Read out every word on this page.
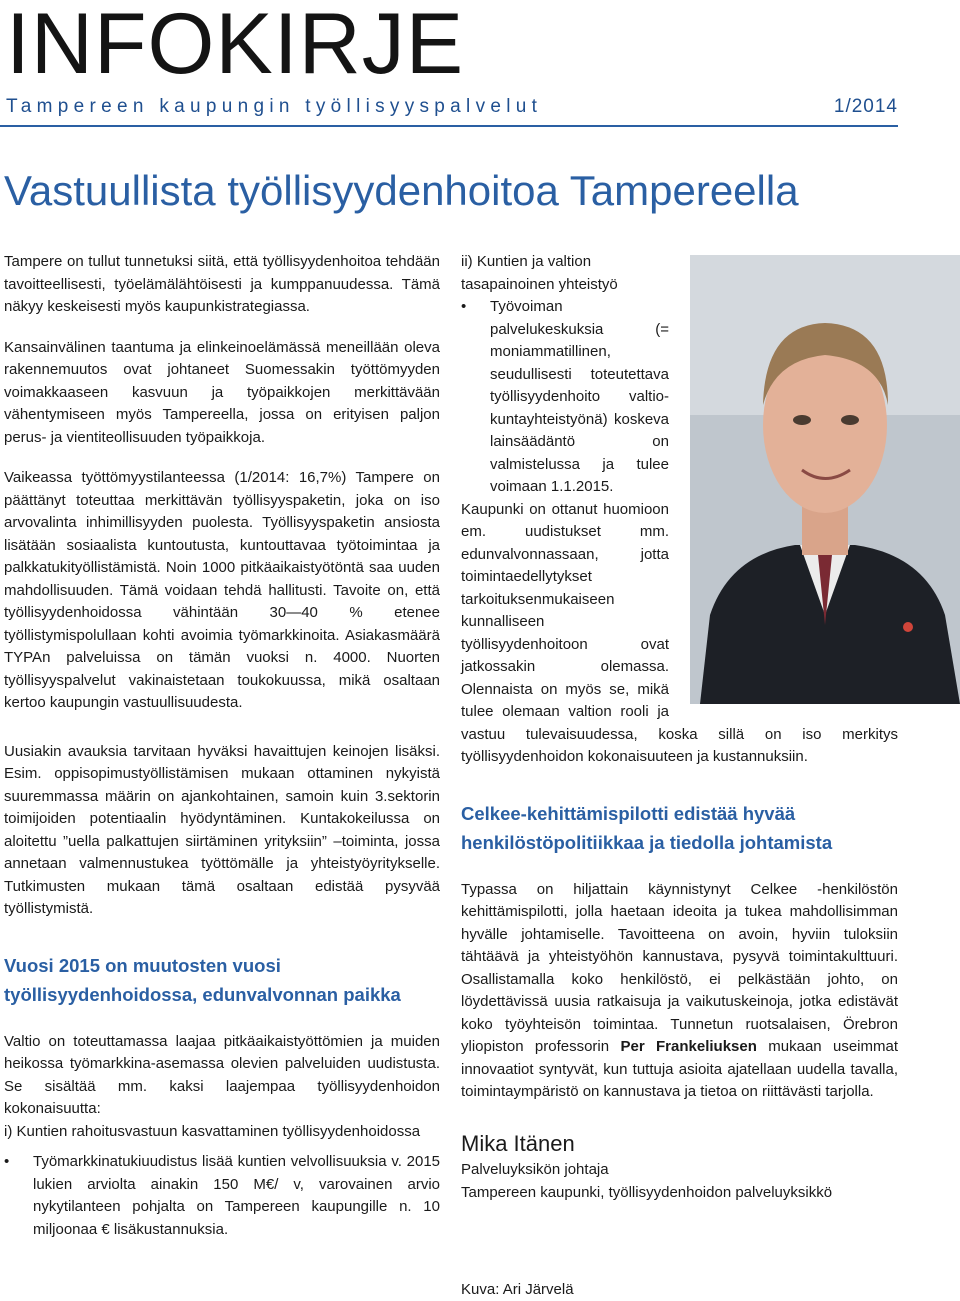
INFOKIRJE
Tampereen kaupungin työllisyyspalvelut	1/2014
Vastuullista työllisyydenhoitoa Tampereella

Tampere on tullut tunnetuksi siitä, että työllisyydenhoitoa tehdään tavoitteellisesti, työelämälähtöisesti ja kumppanuudessa. Tämä näkyy keskeisesti myös kaupunkistrategiassa.

Kansainvälinen taantuma ja elinkeinoelämässä meneillään oleva rakennemuutos ovat johtaneet Suomessakin työttömyyden voimakkaaseen kasvuun ja työpaikkojen merkittävään vähentymiseen myös Tampereella, jossa on erityisen paljon perus- ja vientiteollisuuden työpaikkoja.

Vaikeassa työttömyystilanteessa (1/2014: 16,7%) Tampere on päättänyt toteuttaa merkittävän työllisyyspaketin, joka on iso arvovalinta inhimillisyyden puolesta. Työllisyyspaketin ansiosta lisätään sosiaalista kuntoutusta, kuntouttavaa työtoimintaa ja palkkatukityöllistämistä. Noin 1000 pitkäaikaistyötöntä saa uuden mahdollisuuden. Tämä voidaan tehdä hallitusti. Tavoite on, että työllisyydenhoidossa vähintään 30—40 % etenee työllistymispolullaan kohti avoimia työmarkkinoita. Asiakasmäärä TYPAn palveluissa on tämän vuoksi n. 4000. Nuorten työllisyyspalvelut vakinaistetaan toukokuussa, mikä osaltaan kertoo kaupungin vastuullisuudesta.

Uusiakin avauksia tarvitaan hyväksi havaittujen keinojen lisäksi. Esim. oppisopimustyöllistämisen mukaan ottaminen nykyistä suuremmassa määrin on ajankohtainen, samoin kuin 3.sektorin toimijoiden potentiaalin hyödyntäminen. Kuntakokeilussa on aloitettu ”uella palkattujen siirtäminen yrityksiin” –toiminta, jossa annetaan valmennustukea työttömälle ja yhteistyöyritykselle. Tutkimusten mukaan tämä osaltaan edistää pysyvää työllistymistä.

Vuosi 2015 on muutosten vuosi työllisyydenhoidossa, edunvalvonnan paikka

Valtio on toteuttamassa laajaa pitkäaikaistyöttömien ja muiden heikossa työmarkkina-asemassa olevien palveluiden uudistusta. Se sisältää mm. kaksi laajempaa työllisyydenhoidon kokonaisuutta:

i) Kuntien rahoitusvastuun kasvattaminen työllisyydenhoidossa

• Työmarkkinatukiuudistus lisää kuntien velvollisuuksia v. 2015 lukien arviolta ainakin 150 M€/ v, varovainen arvio nykytilanteen pohjalta on Tampereen kaupungille n. 10 miljoonaa € lisäkustannuksia.

ii) Kuntien ja valtion tasapainoinen yhteistyö

• Työvoiman palvelukeskuksia (= moniammatillinen, seudullisesti toteutettava työllisyydenhoito valtio-kuntayhteistyönä) koskeva lainsäädäntö on valmistelussa ja tulee voimaan 1.1.2015.

Kaupunki on ottanut huomioon em. uudistukset mm. edunvalvonnassaan, jotta toimintaedellytykset tarkoituksenmukaiseen kunnalliseen työllisyydenhoitoon ovat jatkossakin olemassa. Olennaista on myös se, mikä tulee olemaan valtion rooli ja vastuu tulevaisuudessa, koska sillä on iso merkitys työllisyydenhoidon kokonaisuuteen ja kustannuksiin.

Celkee-kehittämispilotti edistää hyvää henkilöstöpolitiikkaa ja tiedolla johtamista

Typassa on hiljattain käynnistynyt Celkee -henkilöstön kehittämispilotti, jolla haetaan ideoita ja tukea mahdollisimman hyvälle johtamiselle. Tavoitteena on avoin, hyviin tuloksiin tähtäävä ja yhteistyöhön kannustava, pysyvä toimintakulttuuri. Osallistamalla koko henkilöstö, ei pelkästään johto, on löydettävissä uusia ratkaisuja ja vaikutuskeinoja, jotka edistävät koko työyhteisön toimintaa. Tunnetun ruotsalaisen, Örebron yliopiston professorin Per Frankeliuksen mukaan useimmat innovaatiot syntyvät, kun tuttuja asioita ajatellaan uudella tavalla, toimintaympäristö on kannustava ja tietoa on riittävästi tarjolla.

Mika Itänen
Palveluyksikön johtaja
Tampereen kaupunki, työllisyydenhoidon palveluyksikkö
Kuva: Ari Järvelä
